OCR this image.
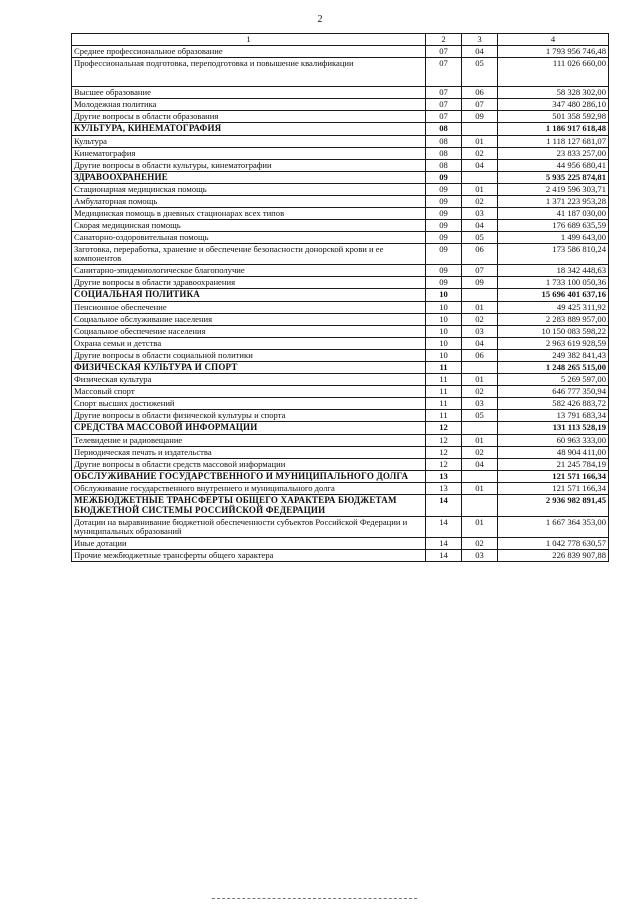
2
1	2	3	4
Среднее профессиональное образование	07	04	1 793 956 746,48
Профессиональная подготовка, переподготовка и повышение квалификации	07	05	111 026 660,00
Высшее образование	07	06	58 328 302,00
Молодежная политика	07	07	347 480 286,10
Другие вопросы в области образования	07	09	501 358 592,98
КУЛЬТУРА, КИНЕМАТОГРАФИЯ	08		1 186 917 618,48
Культура	08	01	1 118 127 681,07
Кинематография	08	02	23 833 257,00
Другие вопросы в области культуры, кинематографии	08	04	44 956 680,41
ЗДРАВООХРАНЕНИЕ	09		5 935 225 874,81
Стационарная медицинская помощь	09	01	2 419 596 303,71
Амбулаторная помощь	09	02	1 371 223 953,28
Медицинская помощь в дневных стационарах всех типов	09	03	41 187 030,00
Скорая медицинская помощь	09	04	176 689 635,59
Санаторно-оздоровительная помощь	09	05	1 499 643,00
Заготовка, переработка, хранение и обеспечение безопасности донорской крови и ее компонентов	09	06	173 586 810,24
Санитарно-эпидемиологическое благополучие	09	07	18 342 448,63
Другие вопросы в области здравоохранения	09	09	1 733 100 050,36
СОЦИАЛЬНАЯ ПОЛИТИКА	10		15 696 401 637,16
Пенсионное обеспечение	10	01	49 425 311,92
Социальное обслуживание населения	10	02	2 283 889 957,00
Социальное обеспечение населения	10	03	10 150 083 598,22
Охрана семьи и детства	10	04	2 963 619 928,59
Другие вопросы в области социальной политики	10	06	249 382 841,43
ФИЗИЧЕСКАЯ КУЛЬТУРА И СПОРТ	11		1 248 265 515,00
Физическая культура	11	01	5 269 597,00
Массовый спорт	11	02	646 777 350,94
Спорт высших достижений	11	03	582 426 883,72
Другие вопросы в области физической культуры и спорта	11	05	13 791 683,34
СРЕДСТВА МАССОВОЙ ИНФОРМАЦИИ	12		131 113 528,19
Телевидение и радиовещание	12	01	60 963 333,00
Периодическая печать и издательства	12	02	48 904 411,00
Другие вопросы в области средств массовой информации	12	04	21 245 784,19
ОБСЛУЖИВАНИЕ ГОСУДАРСТВЕННОГО И МУНИЦИПАЛЬНОГО ДОЛГА	13		121 571 166,34
Обслуживание государственного внутреннего и муниципального долга	13	01	121 571 166,34
МЕЖБЮДЖЕТНЫЕ ТРАНСФЕРТЫ ОБЩЕГО ХАРАКТЕРА БЮДЖЕТАМ БЮДЖЕТНОЙ СИСТЕМЫ РОССИЙСКОЙ ФЕДЕРАЦИИ	14		2 936 982 891,45
Дотации на выравнивание бюджетной обеспеченности субъектов Российской Федерации и муниципальных образований	14	01	1 667 364 353,00
Иные дотации	14	02	1 042 778 630,57
Прочие межбюджетные трансферты общего характера	14	03	226 839 907,88
